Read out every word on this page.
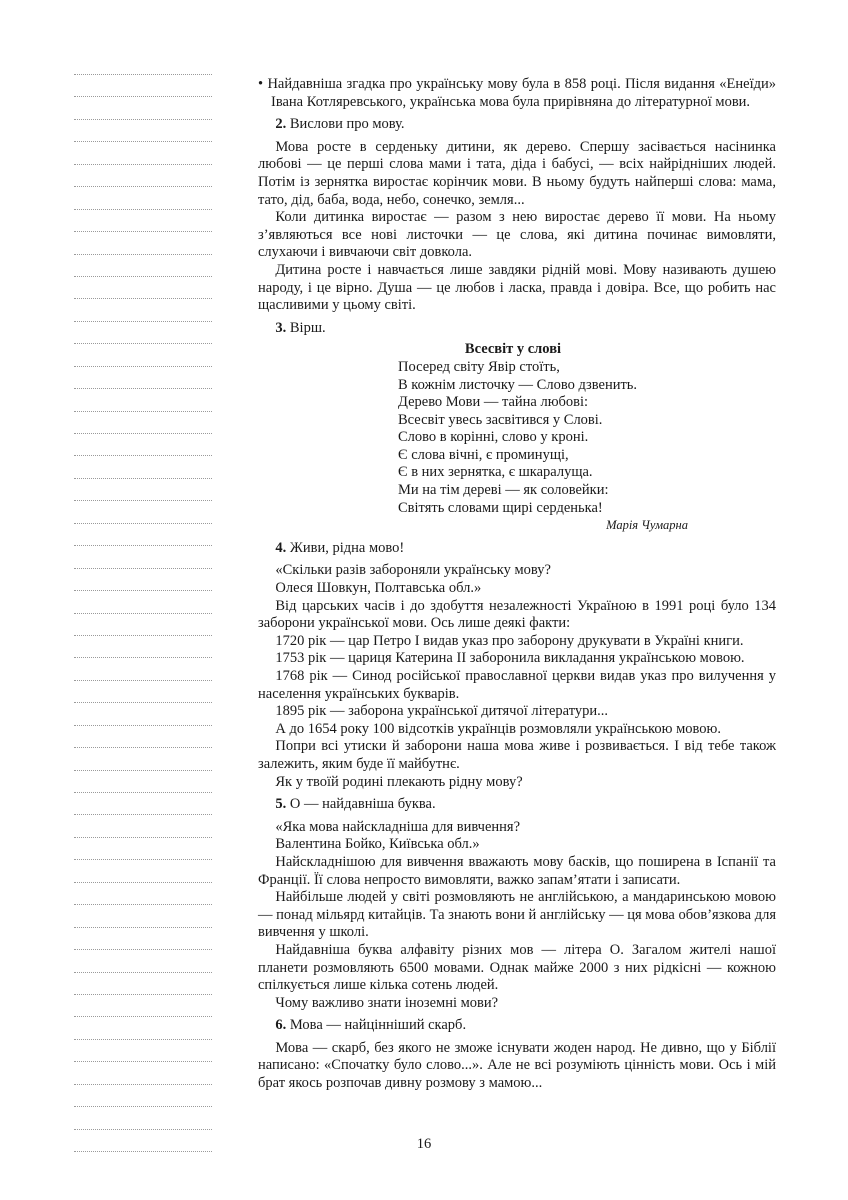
• Найдавніша згадка про українську мову була в 858 році. Після видання «Енеїди» Івана Котляревського, українська мова була прирівняна до літературної мови.

2. Вислови про мову.

Мова росте в серденьку дитини, як дерево. Спершу засівається насінинка любові — це перші слова мами і тата, діда і бабусі, — всіх найрідніших людей. Потім із зернятка виростає корінчик мови. В ньому будуть найперші слова: мама, тато, дід, баба, вода, небо, сонечко, земля...

Коли дитинка виростає — разом з нею виростає дерево її мови. На ньому з’являються все нові листочки — це слова, які дитина починає вимовляти, слухаючи і вивчаючи світ довкола.

Дитина росте і навчається лише завдяки рідній мові. Мову називають душею народу, і це вірно. Душа — це любов і ласка, правда і довіра. Все, що робить нас щасливими у цьому світі.

3. Вірш.

Всесвіт у слові
Посеред світу Явір стоїть,
В кожнім листочку — Слово дзвенить.
Дерево Мови — тайна любові:
Всесвіт увесь засвітився у Слові.
Слово в корінні, слово у кроні.
Є слова вічні, є проминущі,
Є в них зернятка, є шкаралуща.
Ми на тім дереві — як соловейки:
Світять словами щирі серденька!
Марія Чумарна

4. Живи, рідна мово!

«Скільки разів забороняли українську мову?

Олеся Шовкун, Полтавська обл.»

Від царських часів і до здобуття незалежності Україною в 1991 році було 134 заборони української мови. Ось лише деякі факти:

1720 рік — цар Петро I видав указ про заборону друкувати в Україні книги.

1753 рік — цариця Катерина II заборонила викладання українською мовою.

1768 рік — Синод російської православної церкви видав указ про вилучення у населення українських букварів.

1895 рік — заборона української дитячої літератури...

А до 1654 року 100 відсотків українців розмовляли українською мовою.

Попри всі утиски й заборони наша мова живе і розвивається. І від тебе також залежить, яким буде її майбутнє.

Як у твоїй родині плекають рідну мову?

5. О — найдавніша буква.

«Яка мова найскладніша для вивчення?

Валентина Бойко, Київська обл.»

Найскладнішою для вивчення вважають мову басків, що поширена в Іспанії та Франції. Її слова непросто вимовляти, важко запам’ятати і записати.

Найбільше людей у світі розмовляють не англійською, а мандаринською мовою — понад мільярд китайців. Та знають вони й англійську — ця мова обов’язкова для вивчення у школі.

Найдавніша буква алфавіту різних мов — літера О. Загалом жителі нашої планети розмовляють 6500 мовами. Однак майже 2000 з них рідкісні — кожною спілкується лише кілька сотень людей.

Чому важливо знати іноземні мови?

6. Мова — найцінніший скарб.

Мова — скарб, без якого не зможе існувати жоден народ. Не дивно, що у Біблії написано: «Спочатку було слово...». Але не всі розуміють цінність мови. Ось і мій брат якось розпочав дивну розмову з мамою...

16
